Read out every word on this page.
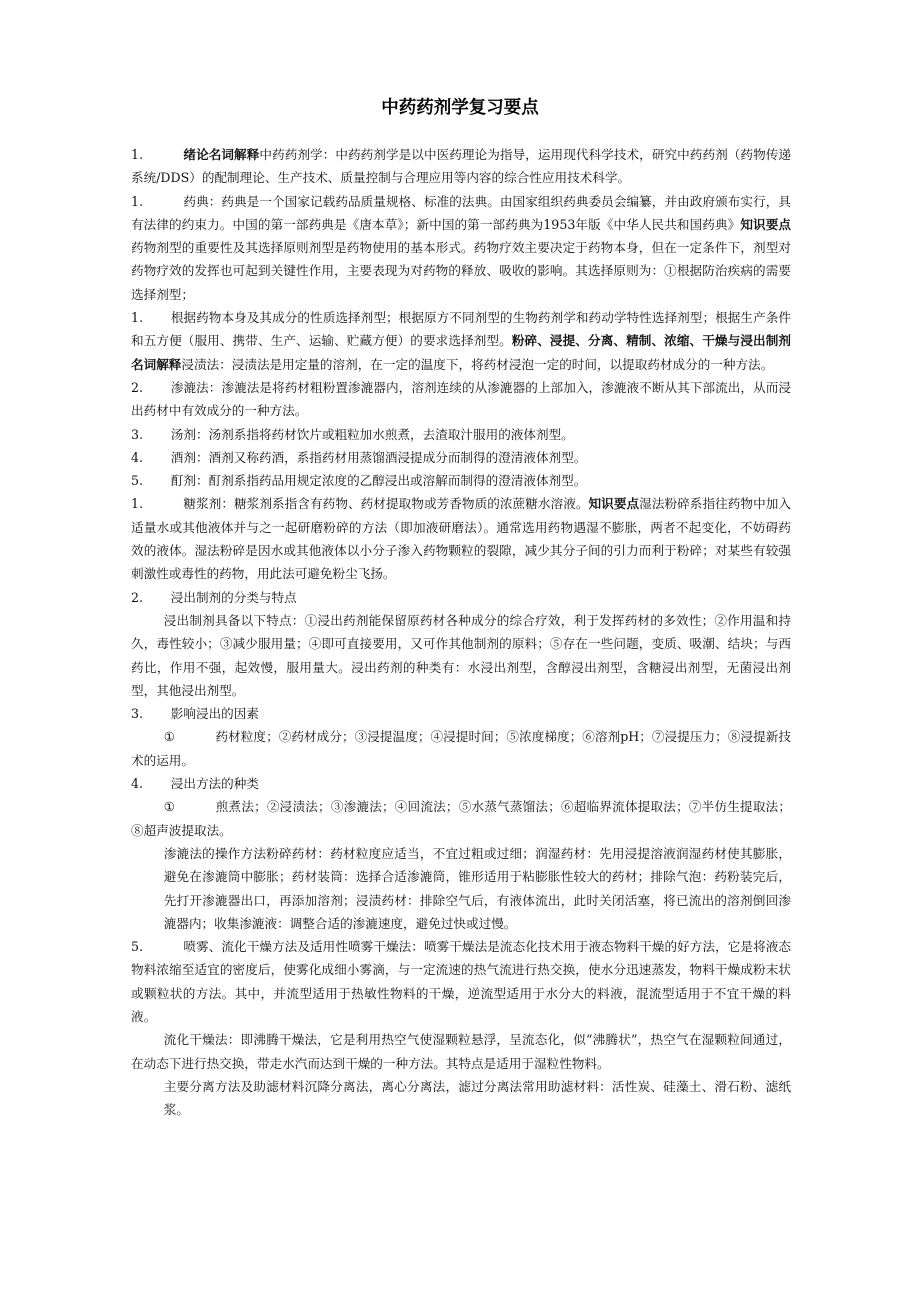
中药药剂学复习要点

1.	绪论名词解释中药药剂学：中药药剂学是以中医药理论为指导，运用现代科学技术，研究中药药剂（药物传递系统/DDS）的配制理论、生产技术、质量控制与合理应用等内容的综合性应用技术科学。

1.	药典：药典是一个国家记载药品质量规格、标准的法典。由国家组织药典委员会编纂，并由政府颁布实行，具有法律的约束力。中国的第一部药典是《唐本草》；新中国的第一部药典为1953年版《中华人民共和国药典》知识要点药物剂型的重要性及其选择原则剂型是药物使用的基本形式。药物疗效主要决定于药物本身，但在一定条件下，剂型对药物疗效的发挥也可起到关键性作用，主要表现为对药物的释放、吸收的影响。其选择原则为：①根据防治疾病的需要选择剂型；

1. 根据药物本身及其成分的性质选择剂型；根据原方不同剂型的生物药剂学和药动学特性选择剂型；根据生产条件和五方便（服用、携带、生产、运输、贮藏方便）的要求选择剂型。粉碎、浸提、分离、精制、浓缩、干燥与浸出制剂名词解释浸渍法：浸渍法是用定量的溶剂，在一定的温度下，将药材浸泡一定的时间，以提取药材成分的一种方法。

2. 渗漉法：渗漉法是将药材粗粉置渗漉器内，溶剂连续的从渗漉器的上部加入，渗漉液不断从其下部流出，从而浸出药材中有效成分的一种方法。

3. 汤剂：汤剂系指将药材饮片或粗粒加水煎煮，去渣取汁服用的液体剂型。

4. 酒剂：酒剂又称药酒，系指药材用蒸馏酒浸提成分而制得的澄清液体剂型。

5. 酊剂：酊剂系指药品用规定浓度的乙醇浸出或溶解而制得的澄清液体剂型。

1.	糖浆剂：糖浆剂系指含有药物、药材提取物或芳香物质的浓蔗糖水溶液。知识要点湿法粉碎系指往药物中加入适量水或其他液体并与之一起研磨粉碎的方法（即加液研磨法）。通常选用药物遇湿不膨胀，两者不起变化，不妨碍药效的液体。湿法粉碎是因水或其他液体以小分子渗入药物颗粒的裂隙，减少其分子间的引力而利于粉碎；对某些有较强刺激性或毒性的药物，用此法可避免粉尘飞扬。

2. 浸出制剂的分类与特点

浸出制剂具备以下特点：①浸出药剂能保留原药材各种成分的综合疗效，利于发挥药材的多效性；②作用温和持久，毒性较小；③减少服用量；④即可直接要用，又可作其他制剂的原料；⑤存在一些问题，变质、吸潮、结块；与西药比，作用不强，起效慢，服用量大。浸出药剂的种类有：水浸出剂型，含醇浸出剂型，含糖浸出剂型，无菌浸出剂型，其他浸出剂型。

3. 影响浸出的因素

①	药材粒度；②药材成分；③浸提温度；④浸提时间；⑤浓度梯度；⑥溶剂pH；⑦浸提压力；⑧浸提新技术的运用。

4. 浸出方法的种类

①	煎煮法；②浸渍法；③渗漉法；④回流法；⑤水蒸气蒸馏法；⑥超临界流体提取法；⑦半仿生提取法；⑧超声波提取法。

渗漉法的操作方法粉碎药材：药材粒度应适当，不宜过粗或过细；润湿药材：先用浸提溶液润湿药材使其膨胀，避免在渗漉筒中膨胀；药材装筒：选择合适渗漉筒，锥形适用于粘膨胀性较大的药材；排除气泡：药粉装完后，先打开渗漉器出口，再添加溶剂；浸渍药材：排除空气后，有液体流出，此时关闭活塞，将已流出的溶剂倒回渗漉器内；收集渗漉液：调整合适的渗漉速度，避免过快或过慢。

5.	喷雾、流化干燥方法及适用性喷雾干燥法：喷雾干燥法是流态化技术用于液态物料干燥的好方法，它是将液态物料浓缩至适宜的密度后，使雾化成细小雾滴，与一定流速的热气流进行热交换，使水分迅速蒸发，物料干燥成粉末状或颗粒状的方法。其中，并流型适用于热敏性物料的干燥，逆流型适用于水分大的料液，混流型适用于不宜干燥的料液。

流化干燥法：即沸腾干燥法，它是利用热空气使湿颗粒悬浮，呈流态化，似“沸腾状”，热空气在湿颗粒间通过，在动态下进行热交换，带走水汽而达到干燥的一种方法。其特点是适用于湿粒性物料。

主要分离方法及助滤材料沉降分离法，离心分离法，滤过分离法常用助滤材料：活性炭、硅藻土、滑石粉、滤纸浆。
